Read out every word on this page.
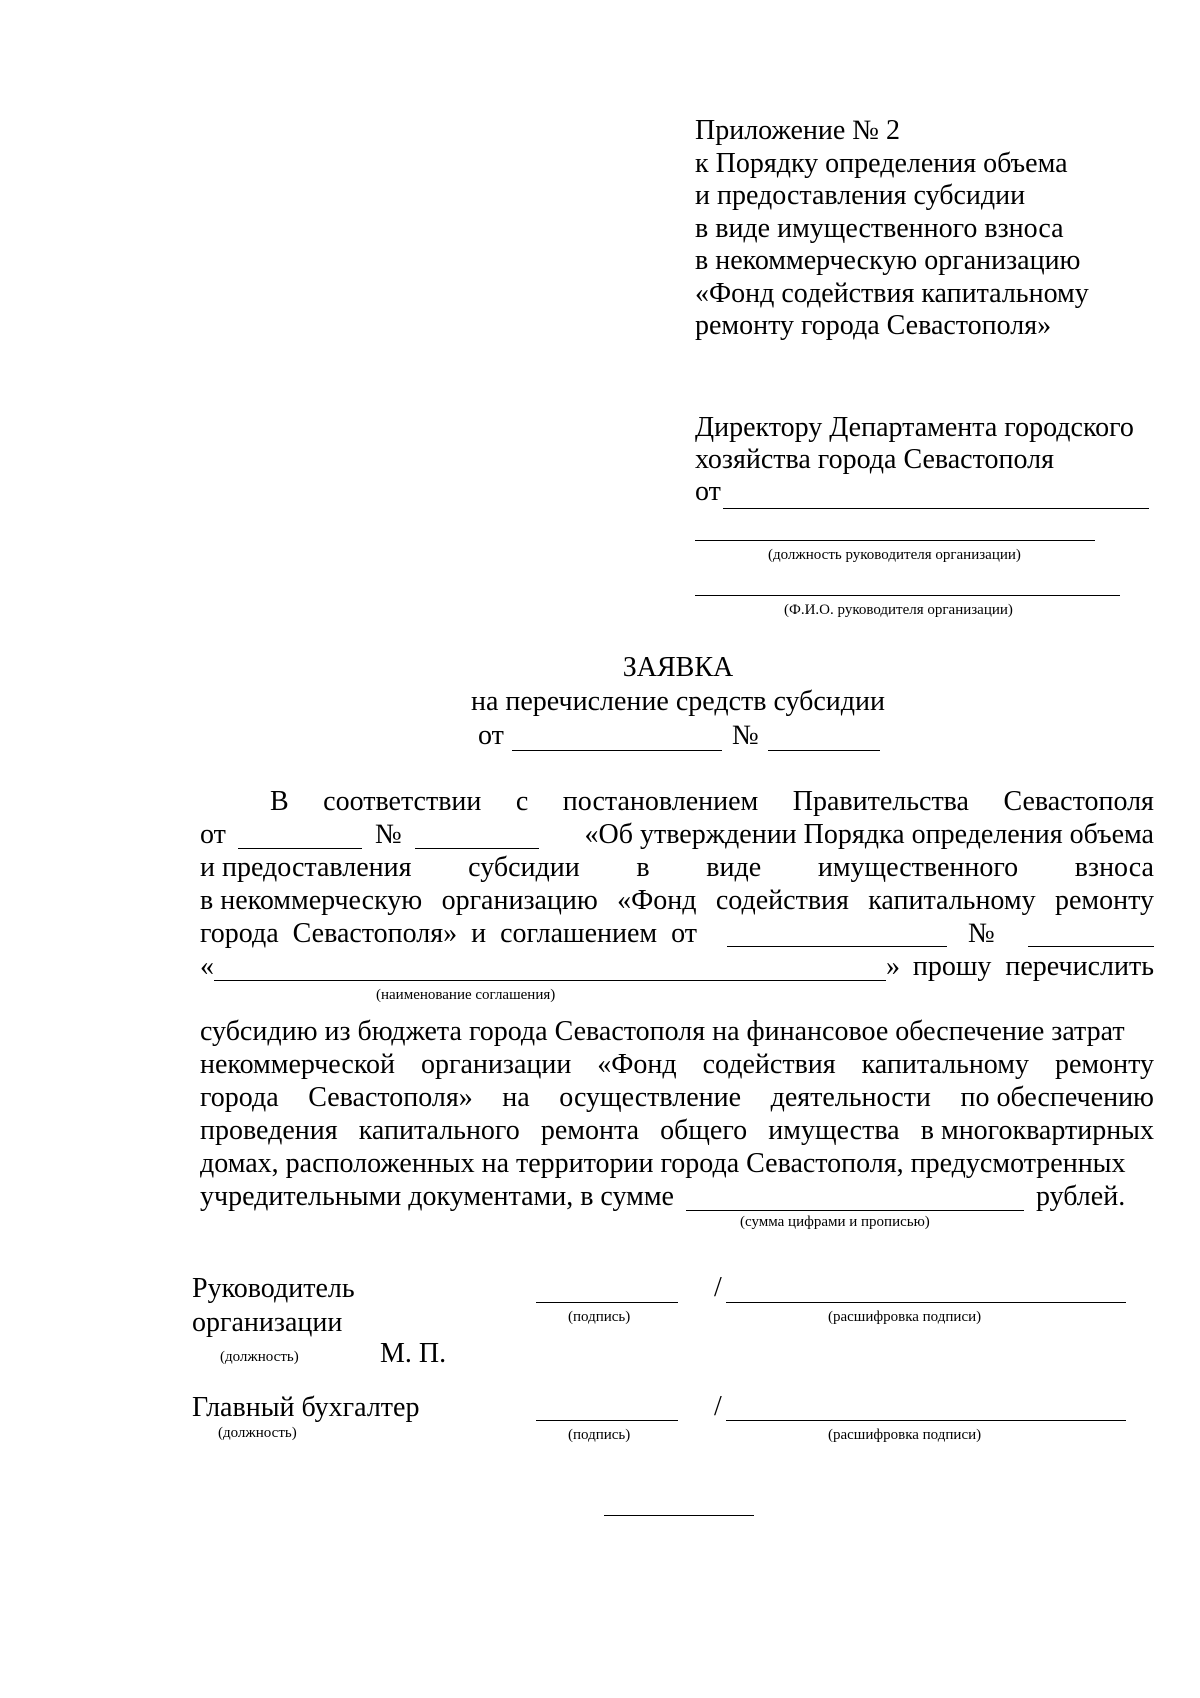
Приложение № 2
к Порядку определения объема
и предоставления субсидии
в виде имущественного взноса
в некоммерческую организацию
«Фонд содействия капитальному
ремонту города Севастополя»
Директору Департамента городского
хозяйства города Севастополя
от
(должность руководителя организации)
(Ф.И.О. руководителя организации)
ЗАЯВКА
на перечисление средств субсидии
от	№
В соответствии с постановлением Правительства Севастополя
от	№	«Об утверждении Порядка определения объема
и предоставления субсидии в виде имущественного взноса
в некоммерческую организацию «Фонд содействия капитальному ремонту
города  Севастополя»  и  соглашением  от	№
«	» прошу  перечислить
(наименование соглашения)
субсидию из бюджета города Севастополя на финансовое обеспечение затрат
некоммерческой организации «Фонд содействия капитальному ремонту
города Севастополя» на осуществление деятельности по обеспечению
проведения капитального ремонта общего имущества в многоквартирных
домах, расположенных на территории города Севастополя, предусмотренных
учредительными документами, в сумме	рублей.
(сумма цифрами и прописью)
Руководитель
организации
(должность)	М. П.
(подпись)
/
(расшифровка подписи)
Главный бухгалтер
(должность)	(подпись)
/
(расшифровка подписи)
